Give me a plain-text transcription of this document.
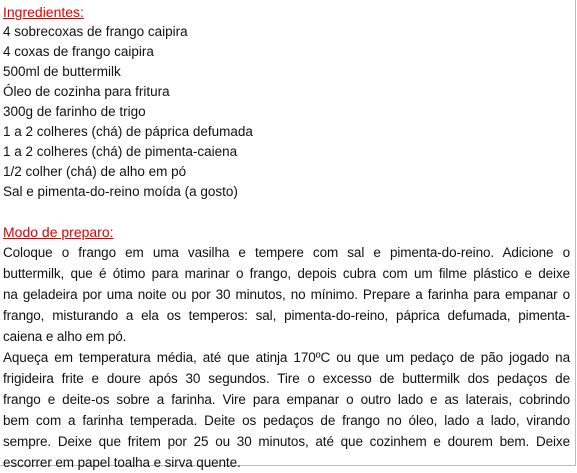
Ingredientes:
4 sobrecoxas de frango caipira
4 coxas de frango caipira
500ml de buttermilk
Óleo de cozinha para fritura
300g de farinho de trigo
1 a 2 colheres (chá) de páprica defumada
1 a 2 colheres (chá) de pimenta-caiena
1/2 colher (chá) de alho em pó
Sal e pimenta-do-reino moída (a gosto)
Modo de preparo:
Coloque o frango em uma vasilha e tempere com sal e pimenta-do-reino. Adicione o
buttermilk, que é ótimo para marinar o frango, depois cubra com um filme plástico e deixe
na geladeira por uma noite ou por 30 minutos, no mínimo. Prepare a farinha para empanar o
frango, misturando a ela os temperos: sal, pimenta-do-reino, páprica defumada, pimenta-
caiena e alho em pó.
Aqueça em temperatura média, até que atinja 170ºC ou que um pedaço de pão jogado na
frigideira frite e doure após 30 segundos. Tire o excesso de buttermilk dos pedaços de
frango e deite-os sobre a farinha. Vire para empanar o outro lado e as laterais, cobrindo
bem com a farinha temperada. Deite os pedaços de frango no óleo, lado a lado, virando
sempre. Deixe que fritem por 25 ou 30 minutos, até que cozinhem e dourem bem. Deixe
escorrer em papel toalha e sirva quente.
